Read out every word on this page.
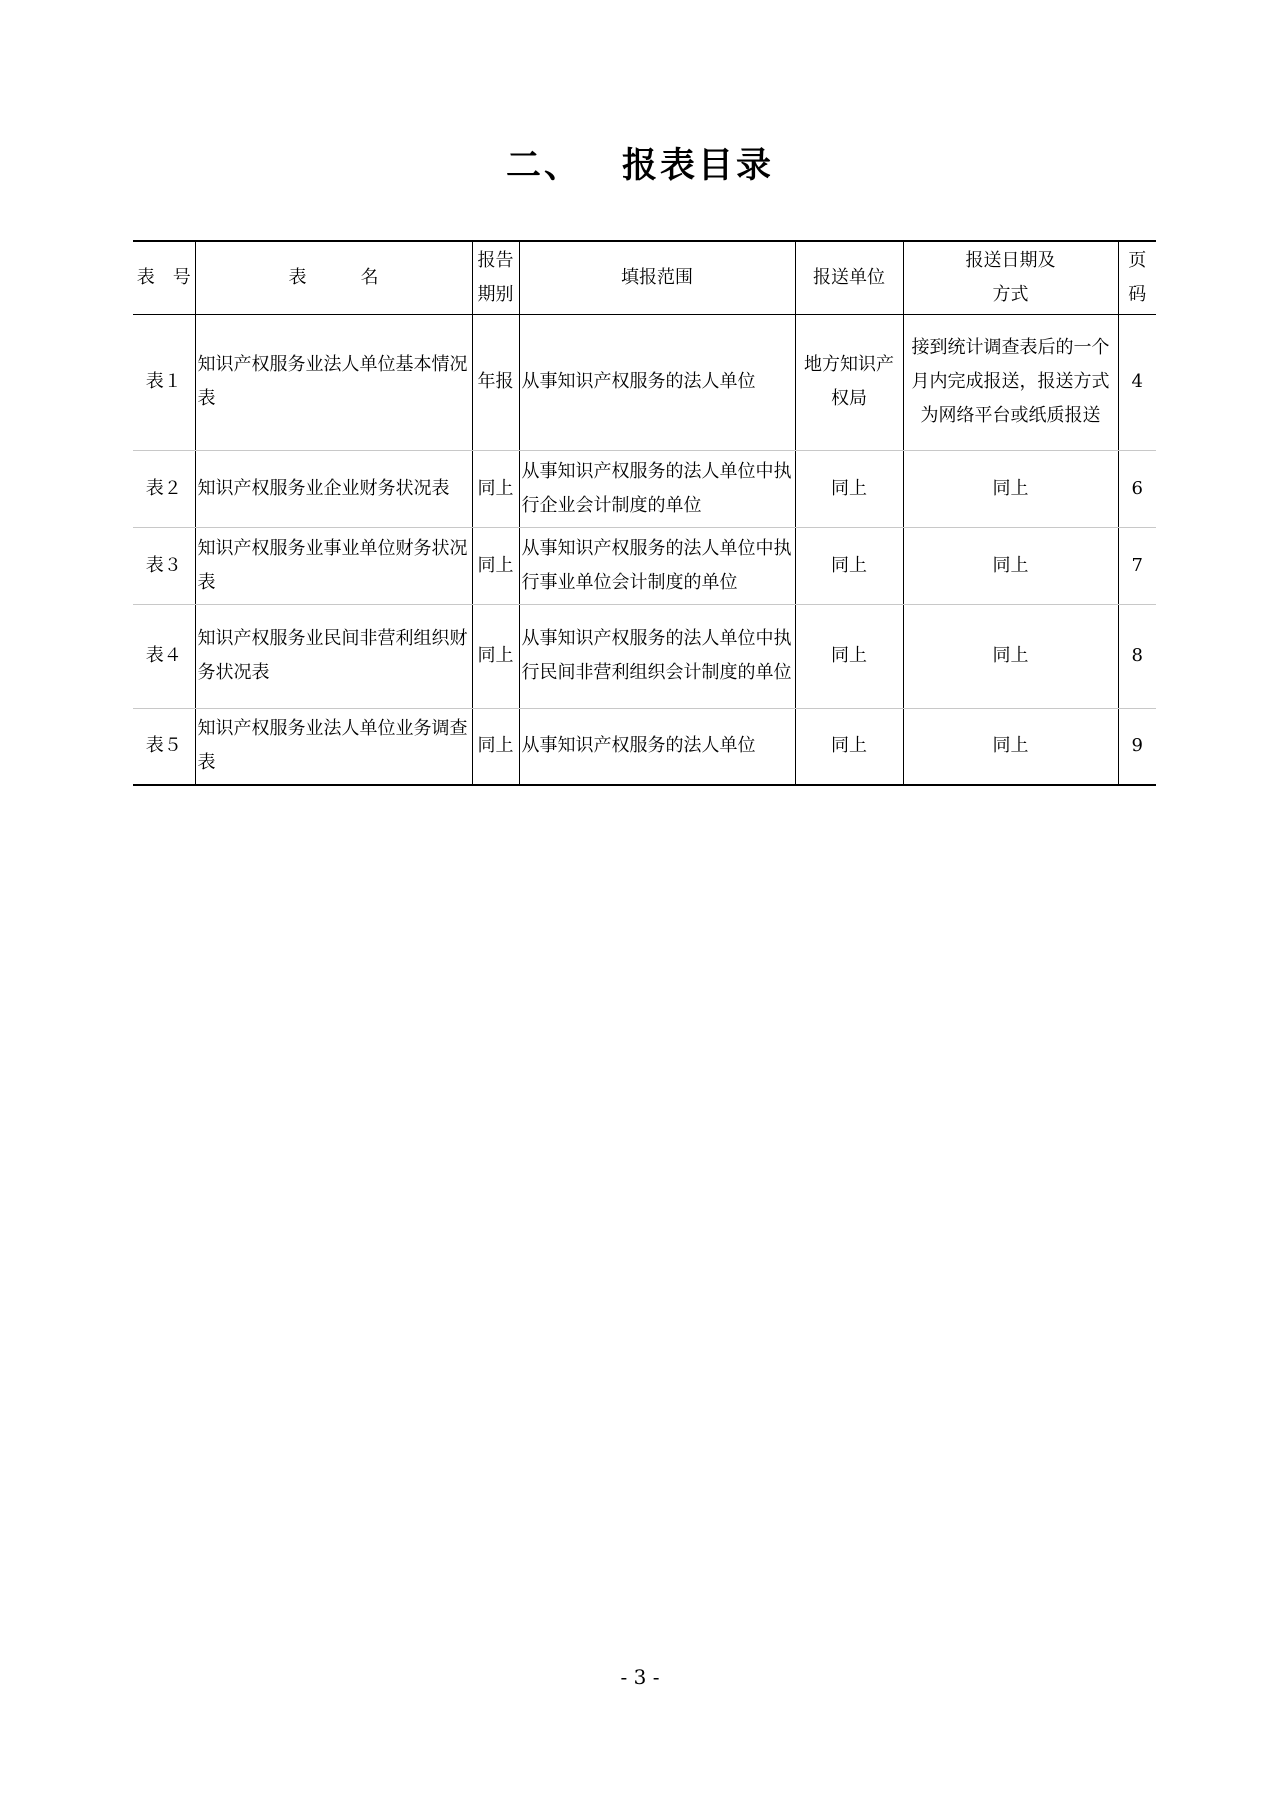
二、 报表目录
表　号	表　　　名	报告期别	填报范围	报送单位	报送日期及方式	页码
表１	知识产权服务业法人单位基本情况表	年报	从事知识产权服务的法人单位	地方知识产权局	接到统计调查表后的一个月内完成报送，报送方式为网络平台或纸质报送	4
表２	知识产权服务业企业财务状况表	同上	从事知识产权服务的法人单位中执行企业会计制度的单位	同上	同上	6
表３	知识产权服务业事业单位财务状况表	同上	从事知识产权服务的法人单位中执行事业单位会计制度的单位	同上	同上	7
表４	知识产权服务业民间非营利组织财务状况表	同上	从事知识产权服务的法人单位中执行民间非营利组织会计制度的单位	同上	同上	8
表５	知识产权服务业法人单位业务调查表	同上	从事知识产权服务的法人单位	同上	同上	9
- 3 -
